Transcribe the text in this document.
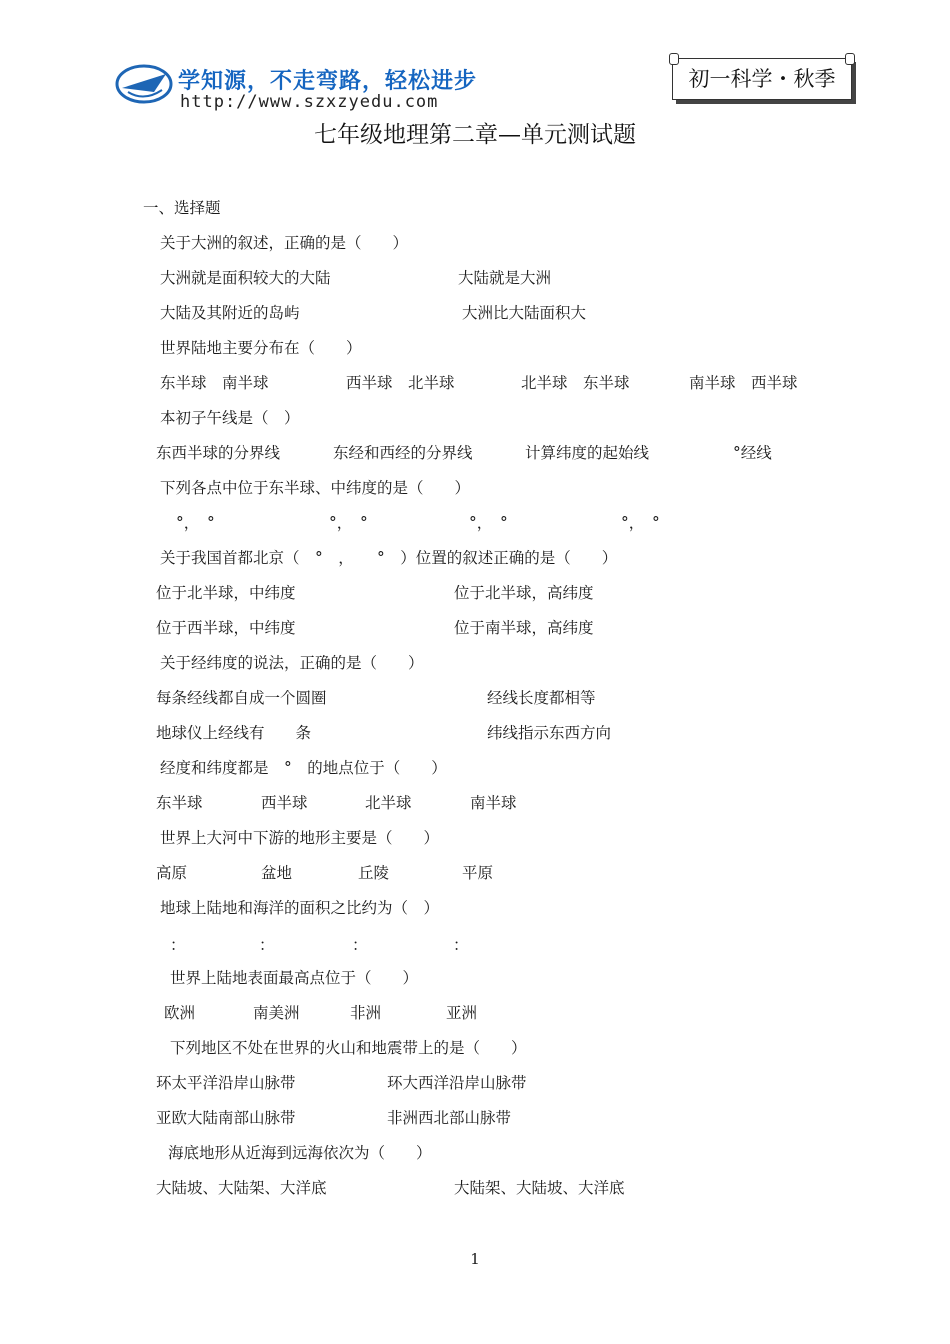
学知源，不走弯路，轻松进步
http://www.szxzyedu.com
初一科学・秋季
七年级地理第二章—单元测试题
一、选择题
关于大洲的叙述，正确的是（　　）
大洲就是面积较大的大陆	大陆就是大洲
大陆及其附近的岛屿	大洲比大陆面积大
世界陆地主要分布在（　　）
东半球　南半球	西半球　北半球	北半球　东半球	南半球　西半球
本初子午线是（　）
东西半球的分界线	东经和西经的分界线	计算纬度的起始线	°经线
下列各点中位于东半球、中纬度的是（　　）
°，　°	°，　°	°，　°	°，　°
关于我国首都北京（　°　，　　°　）位置的叙述正确的是（　　）
位于北半球，中纬度	位于北半球，高纬度
位于西半球，中纬度	位于南半球，高纬度
关于经纬度的说法，正确的是（　　）
每条经线都自成一个圆圈	经线长度都相等
地球仪上经线有　　条	纬线指示东西方向
经度和纬度都是　°　的地点位于（　　）
东半球	西半球	北半球	南半球
世界上大河中下游的地形主要是（　　）
高原	盆地	丘陵	平原
地球上陆地和海洋的面积之比约为（　）
：	：	：	：
世界上陆地表面最高点位于（　　）
欧洲	南美洲	非洲	亚洲
下列地区不处在世界的火山和地震带上的是（　　）
环太平洋沿岸山脉带	环大西洋沿岸山脉带
亚欧大陆南部山脉带	非洲西北部山脉带
海底地形从近海到远海依次为（　　）
大陆坡、大陆架、大洋底	大陆架、大陆坡、大洋底
1
